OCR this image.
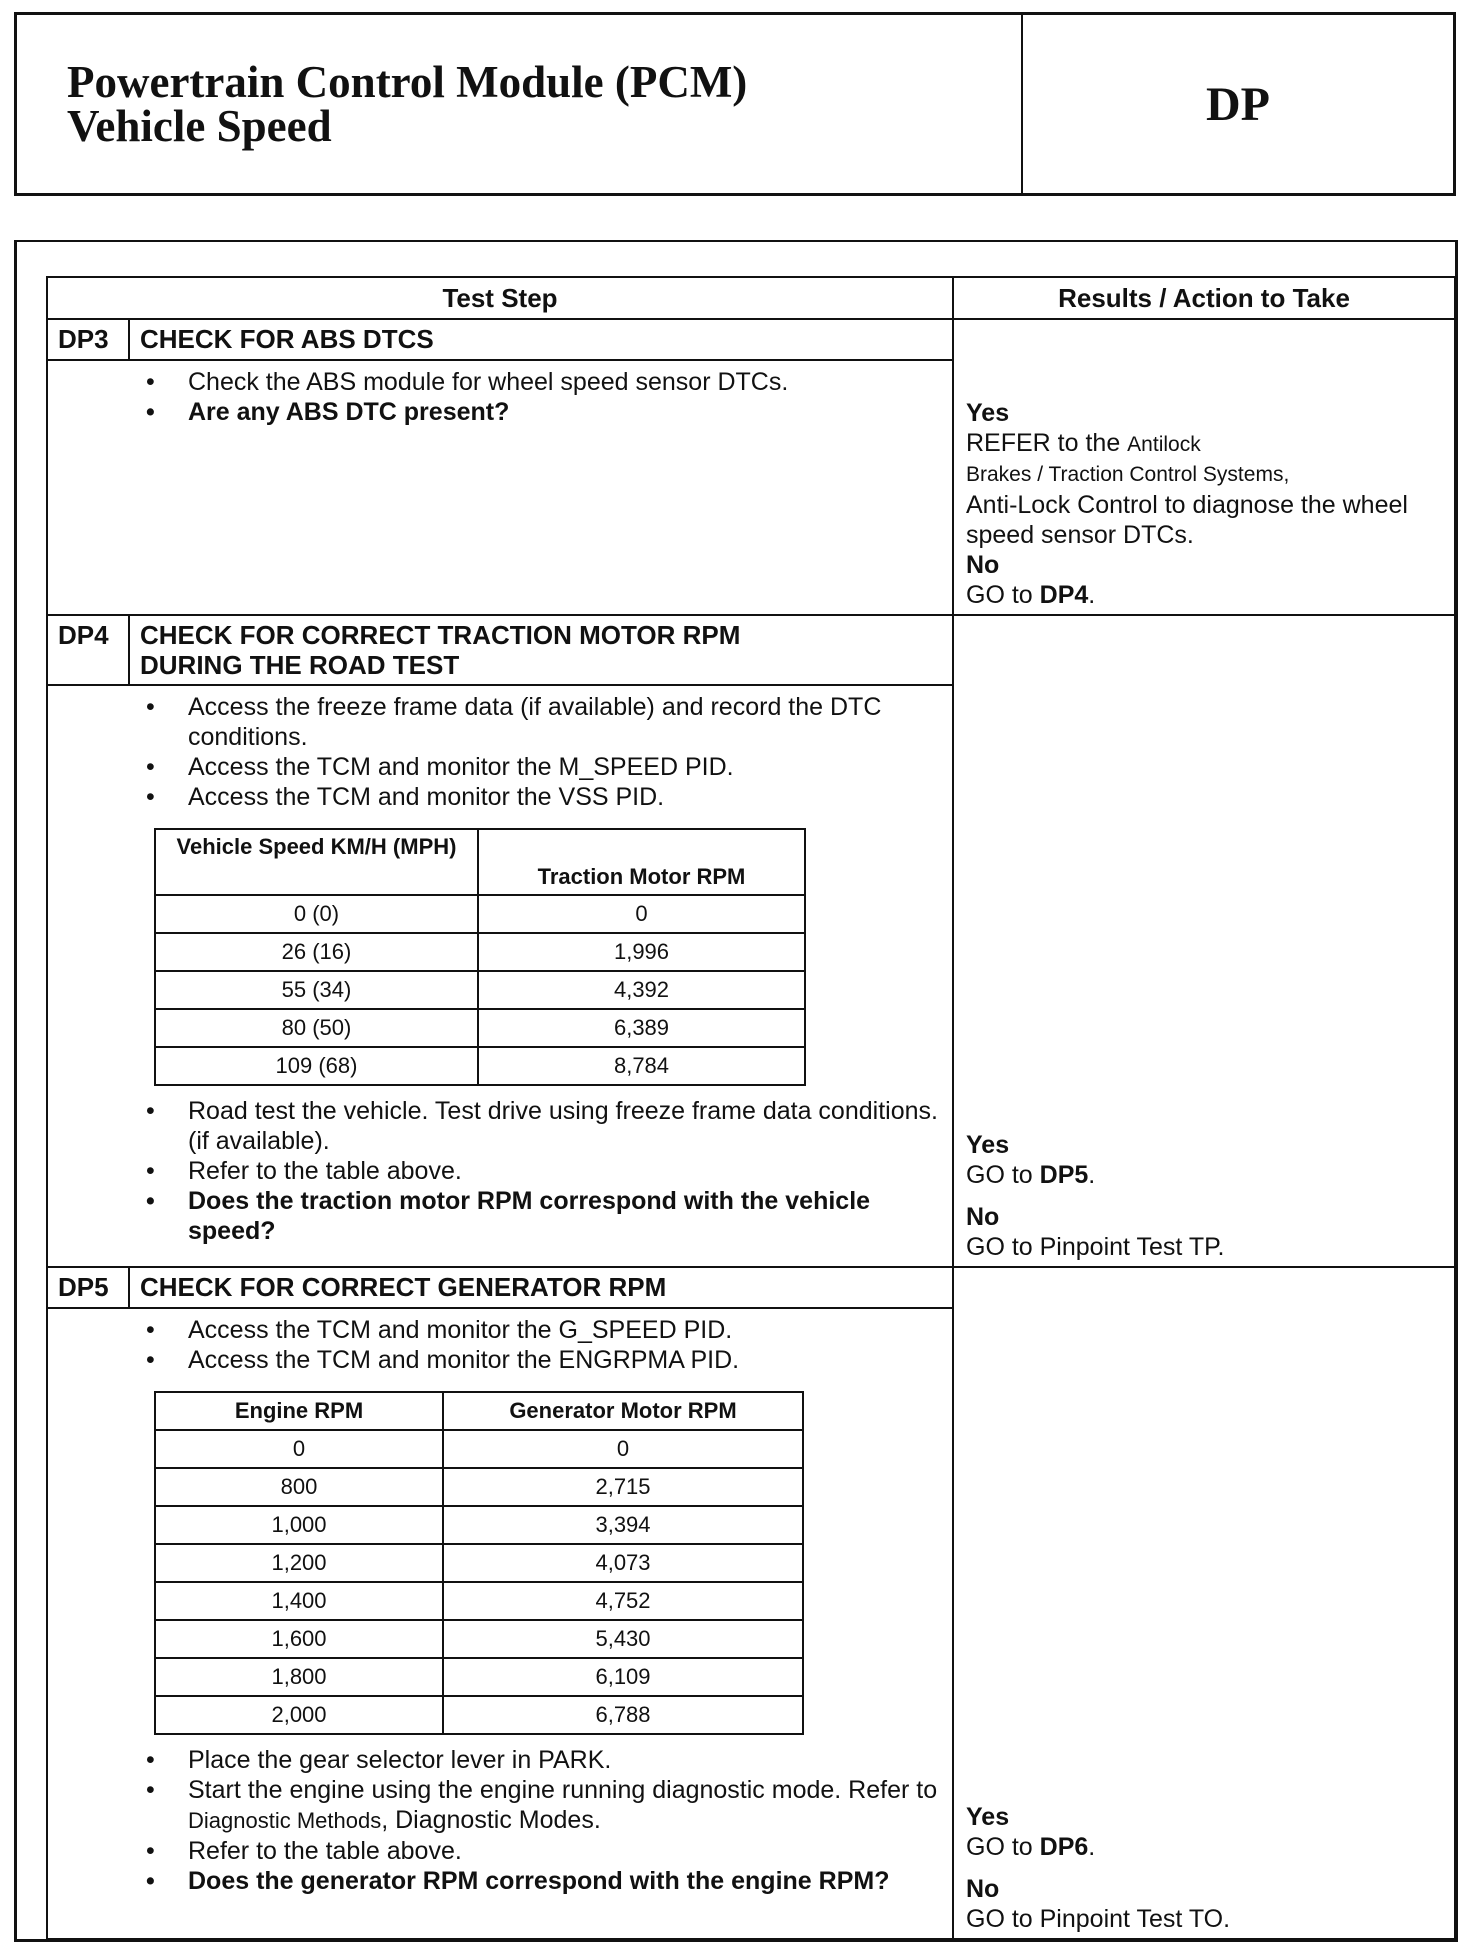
Powertrain Control Module (PCM)
Vehicle Speed	DP
Test Step	Results / Action to Take

DP3	CHECK FOR ABS DTCS
• Check the ABS module for wheel speed sensor DTCs.
• Are any ABS DTC present?	Yes
REFER to the Antilock
Brakes / Traction Control Systems,
Anti-Lock Control to diagnose the wheel speed sensor DTCs.
No
GO to DP4.

DP4	CHECK FOR CORRECT TRACTION MOTOR RPM
DURING THE ROAD TEST
• Access the freeze frame data (if available) and record the DTC conditions.
• Access the TCM and monitor the M_SPEED PID.
• Access the TCM and monitor the VSS PID.
Vehicle Speed KM/H (MPH)	Traction Motor RPM
0 (0)	0
26 (16)	1,996
55 (34)	4,392
80 (50)	6,389
109 (68)	8,784
• Road test the vehicle. Test drive using freeze frame data conditions. (if available).
• Refer to the table above.
• Does the traction motor RPM correspond with the vehicle speed?

Yes
GO to DP5.
No
GO to Pinpoint Test TP.

DP5	CHECK FOR CORRECT GENERATOR RPM
• Access the TCM and monitor the G_SPEED PID.
• Access the TCM and monitor the ENGRPMA PID.
Engine RPM	Generator Motor RPM
0	0
800	2,715
1,000	3,394
1,200	4,073
1,400	4,752
1,600	5,430
1,800	6,109
2,000	6,788
• Place the gear selector lever in PARK.
• Start the engine using the engine running diagnostic mode. Refer to Diagnostic Methods, Diagnostic Modes.
• Refer to the table above.
• Does the generator RPM correspond with the engine RPM?

Yes
GO to DP6.
No
GO to Pinpoint Test TO.
